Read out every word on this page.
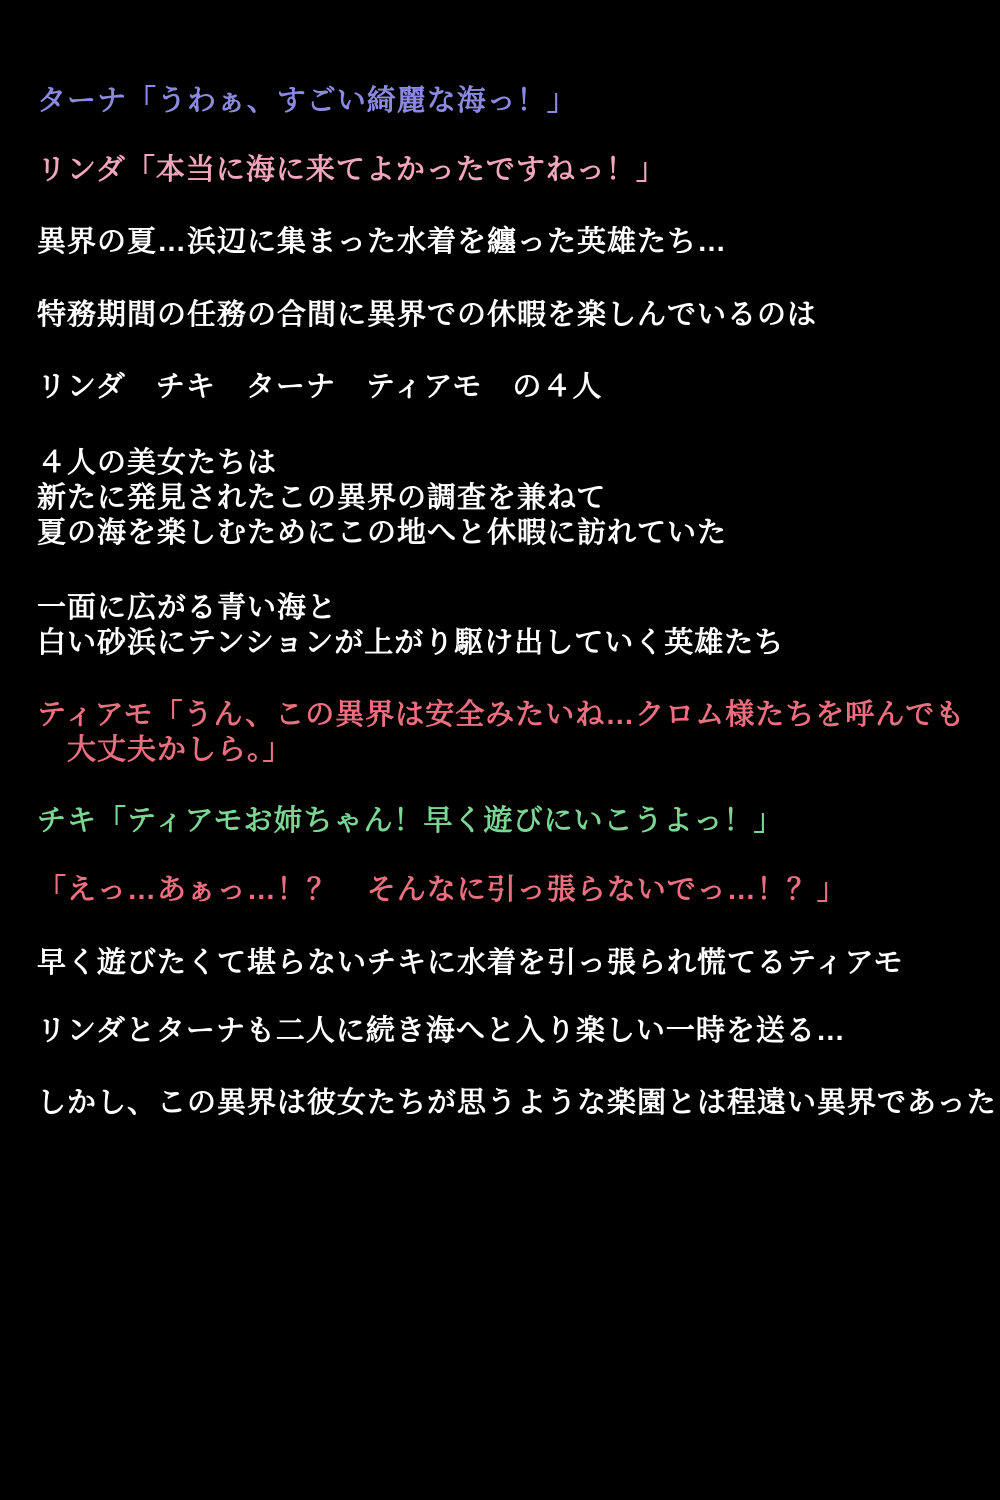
ターナ「うわぁ、すごい綺麗な海っ！」
リンダ「本当に海に来てよかったですねっ！」
異界の夏…浜辺に集まった水着を纏った英雄たち…
特務期間の任務の合間に異界での休暇を楽しんでいるのは
リンダ　チキ　ターナ　ティアモ　の４人
４人の美女たちは
新たに発見されたこの異界の調査を兼ねて
夏の海を楽しむためにこの地へと休暇に訪れていた
一面に広がる青い海と
白い砂浜にテンションが上がり駆け出していく英雄たち
ティアモ「うん、この異界は安全みたいね…クロム様たちを呼んでも
　大丈夫かしら。」
チキ「ティアモお姉ちゃん！早く遊びにいこうよっ！」
「えっ…あぁっ…！？　そんなに引っ張らないでっ…！？」
早く遊びたくて堪らないチキに水着を引っ張られ慌てるティアモ
リンダとターナも二人に続き海へと入り楽しい一時を送る…
しかし、この異界は彼女たちが思うような楽園とは程遠い異界であった
